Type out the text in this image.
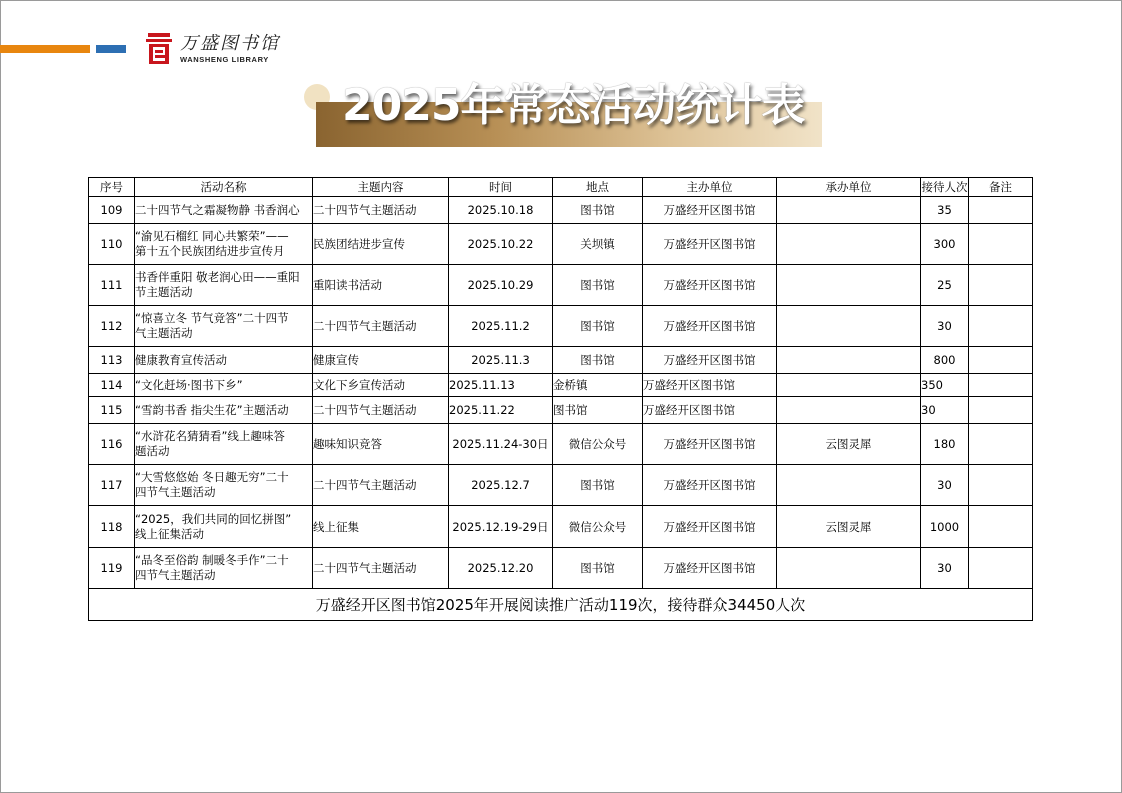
万盛图书馆
WANSHENG LIBRARY
2025年常态活动统计表
序号	活动名称	主题内容	时间	地点	主办单位	承办单位	接待人次	备注
109	二十四节气之霜凝物静 书香润心	二十四节气主题活动	2025.10.18	图书馆	万盛经开区图书馆		35	
110	“渝见石榴红 同心共繁荣”——
第十五个民族团结进步宣传月	民族团结进步宣传	2025.10.22	关坝镇	万盛经开区图书馆		300	
111	书香伴重阳 敬老润心田——重阳
节主题活动	重阳读书活动	2025.10.29	图书馆	万盛经开区图书馆		25	
112	“惊喜立冬 节气竞答”二十四节
气主题活动	二十四节气主题活动	2025.11.2	图书馆	万盛经开区图书馆		30	
113	健康教育宣传活动	健康宣传	2025.11.3	图书馆	万盛经开区图书馆		800	
114	“文化赶场·图书下乡”	文化下乡宣传活动	2025.11.13	金桥镇	万盛经开区图书馆		350	
115	“雪韵书香 指尖生花”主题活动	二十四节气主题活动	2025.11.22	图书馆	万盛经开区图书馆		30	
116	“水浒花名猜猜看”线上趣味答
题活动	趣味知识竞答	2025.11.24-30日	微信公众号	万盛经开区图书馆	云图灵犀	180	
117	“大雪悠悠始 冬日趣无穷”二十
四节气主题活动	二十四节气主题活动	2025.12.7	图书馆	万盛经开区图书馆		30	
118	“2025，我们共同的回忆拼图”
线上征集活动	线上征集	2025.12.19-29日	微信公众号	万盛经开区图书馆	云图灵犀	1000	
119	“品冬至俗韵 制暖冬手作”二十
四节气主题活动	二十四节气主题活动	2025.12.20	图书馆	万盛经开区图书馆		30	
万盛经开区图书馆2025年开展阅读推广活动119次，接待群众34450人次								
